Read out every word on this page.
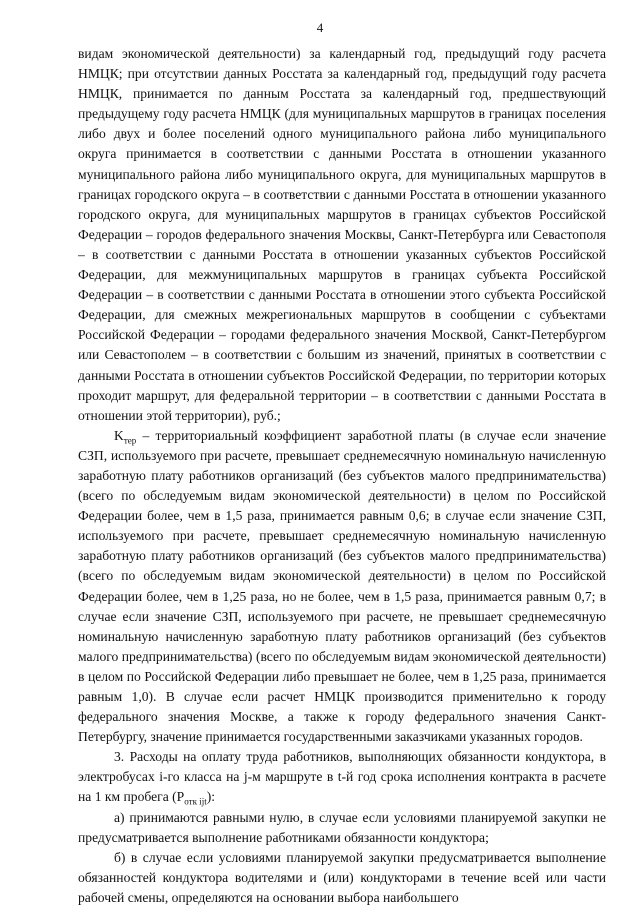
4

видам экономической деятельности) за календарный год, предыдущий году расчета НМЦК; при отсутствии данных Росстата за календарный год, предыдущий году расчета НМЦК, принимается по данным Росстата за календарный год, предшествующий предыдущему году расчета НМЦК (для муниципальных маршрутов в границах поселения либо двух и более поселений одного муниципального района либо муниципального округа принимается в соответствии с данными Росстата в отношении указанного муниципального района либо муниципального округа, для муниципальных маршрутов в границах городского округа – в соответствии с данными Росстата в отношении указанного городского округа, для муниципальных маршрутов в границах субъектов Российской Федерации – городов федерального значения Москвы, Санкт-Петербурга или Севастополя – в соответствии с данными Росстата в отношении указанных субъектов Российской Федерации, для межмуниципальных маршрутов в границах субъекта Российской Федерации – в соответствии с данными Росстата в отношении этого субъекта Российской Федерации, для смежных межрегиональных маршрутов в сообщении с субъектами Российской Федерации – городами федерального значения Москвой, Санкт-Петербургом или Севастополем – в соответствии с большим из значений, принятых в соответствии с данными Росстата в отношении субъектов Российской Федерации, по территории которых проходит маршрут, для федеральной территории – в соответствии с данными Росстата в отношении этой территории), руб.;

$K_{тер}$ – территориальный коэффициент заработной платы (в случае если значение СЗП, используемого при расчете, превышает среднемесячную номинальную начисленную заработную плату работников организаций (без субъектов малого предпринимательства) (всего по обследуемым видам экономической деятельности) в целом по Российской Федерации более, чем в 1,5 раза, принимается равным 0,6; в случае если значение СЗП, используемого при расчете, превышает среднемесячную номинальную начисленную заработную плату работников организаций (без субъектов малого предпринимательства) (всего по обследуемым видам экономической деятельности) в целом по Российской Федерации более, чем в 1,25 раза, но не более, чем в 1,5 раза, принимается равным 0,7; в случае если значение СЗП, используемого при расчете, не превышает среднемесячную номинальную начисленную заработную плату работников организаций (без субъектов малого предпринимательства) (всего по обследуемым видам экономической деятельности) в целом по Российской Федерации либо превышает не более, чем в 1,25 раза, принимается равным 1,0). В случае если расчет НМЦК производится применительно к городу федерального значения Москве, а также к городу федерального значения Санкт-Петербургу, значение принимается государственными заказчиками указанных городов.

3. Расходы на оплату труда работников, выполняющих обязанности кондуктора, в электробусах i-го класса на j-м маршруте в t-й год срока исполнения контракта в расчете на 1 км пробега $(P_{отк ijt})$:

а) принимаются равными нулю, в случае если условиями планируемой закупки не предусматривается выполнение работниками обязанности кондуктора;

б) в случае если условиями планируемой закупки предусматривается выполнение обязанностей кондуктора водителями и (или) кондукторами в течение всей или части рабочей смены, определяются на основании выбора наибольшего
